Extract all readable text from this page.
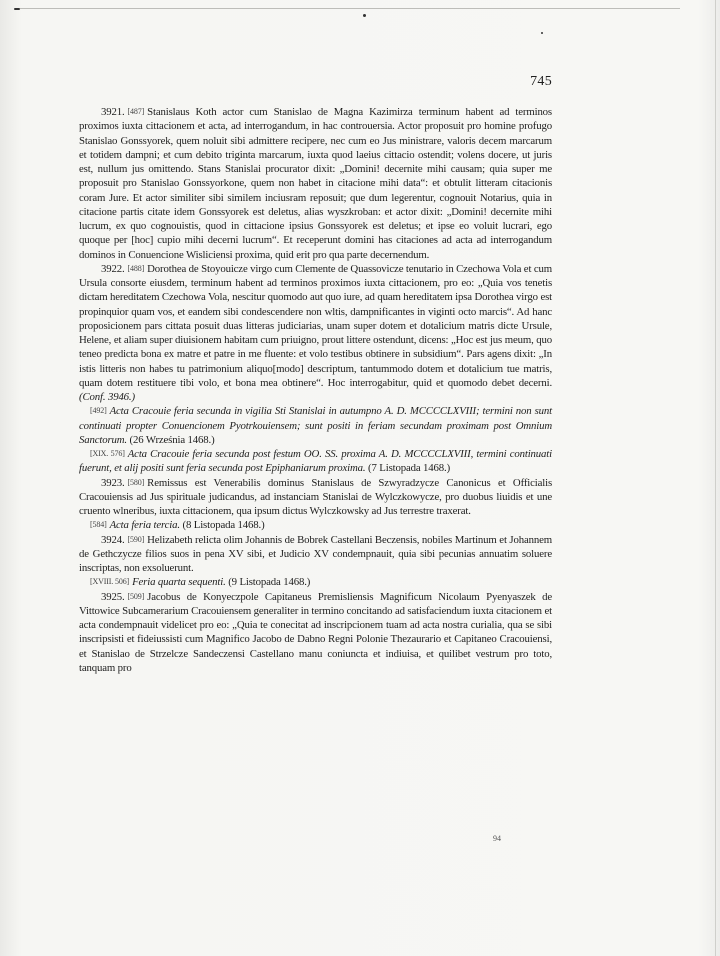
745

3921. [487] Stanislaus Koth actor cum Stanislao de Magna Kazimirza terminum habent ad terminos proximos iuxta cittacionem et acta, ad interrogandum, in hac controuersia. Actor proposuit pro homine profugo Stanislao Gonssyorek, quem noluit sibi admittere recipere, nec cum eo Jus ministrare, valoris decem marcarum et totidem dampni; et cum debito triginta marcarum, iuxta quod laeius cittacio ostendit; volens docere, ut juris est, nullum jus omittendo. Stans Stanislai procurator dixit: „Domini! decernite mihi causam; quia super me proposuit pro Stanislao Gonssyorkone, quem non habet in citacione mihi data“: et obtulit litteram citacionis coram Jure. Et actor similiter sibi similem inciusram reposuit; que dum legerentur, cognouit Notarius, quia in citacione partis citate idem Gonssyorek est deletus, alias wyszkroban: et actor dixit: „Domini! decernite mihi lucrum, ex quo cognouistis, quod in cittacione ipsius Gonssyorek est deletus; et ipse eo voluit lucrari, ego quoque per [hoc] cupio mihi decerni lucrum“. Et receperunt domini has citaciones ad acta ad interrogandum dominos in Conuencione Wisliciensi proxima, quid erit pro qua parte decernendum.

3922. [488] Dorothea de Stoyouicze virgo cum Clemente de Quassovicze tenutario in Czechowa Vola et cum Ursula consorte eiusdem, terminum habent ad terminos proximos iuxta cittacionem, pro eo: „Quia vos tenetis dictam hereditatem Czechowa Vola, nescitur quomodo aut quo iure, ad quam hereditatem ipsa Dorothea virgo est propinquior quam vos, et eandem sibi condescendere non wltis, dampnificantes in viginti octo marcis“. Ad hanc proposicionem pars cittata posuit duas litteras judiciarias, unam super dotem et dotalicium matris dicte Ursule, Helene, et aliam super diuisionem habitam cum priuigno, prout littere ostendunt, dicens: „Hoc est jus meum, quo teneo predicta bona ex matre et patre in me fluente: et volo testibus obtinere in subsidium“. Pars agens dixit: „In istis litteris non habes tu patrimonium aliquo[modo] descriptum, tantummodo dotem et dotalicium tue matris, quam dotem restituere tibi volo, et bona mea obtinere“. Hoc interrogabitur, quid et quomodo debet decerni. (Conf. 3946.)

[492] Acta Cracouie feria secunda in vigilia Sti Stanislai in autumpno A. D. MCCCCLXVIII; termini non sunt continuati propter Conuencionem Pyotrkouiensem; sunt positi in feriam secundam proximam post Omnium Sanctorum. (26 Września 1468.)

[XIX. 576] Acta Cracouie feria secunda post festum OO. SS. proxima A. D. MCCCCLXVIII, termini continuati fuerunt, et alij positi sunt feria secunda post Epiphaniarum proxima. (7 Listopada 1468.)

3923. [580] Remissus est Venerabilis dominus Stanislaus de Szwyradzycze Canonicus et Officialis Cracouiensis ad Jus spirituale judicandus, ad instanciam Stanislai de Wylczkowycze, pro duobus liuidis et une cruento wlneribus, iuxta cittacionem, qua ipsum dictus Wylczkowsky ad Jus terrestre traxerat.

[584] Acta feria tercia. (8 Listopada 1468.)

3924. [590] Helizabeth relicta olim Johannis de Bobrek Castellani Beczensis, nobiles Martinum et Johannem de Gethczycze filios suos in pena XV sibi, et Judicio XV condempnauit, quia sibi pecunias annuatim soluere inscriptas, non exsoluerunt.

[XVIII. 506] Feria quarta sequenti. (9 Listopada 1468.)

3925. [509] Jacobus de Konyeczpole Capitaneus Premisliensis Magnificum Nicolaum Pyenyaszek de Vittowice Subcamerarium Cracouiensem generaliter in termino concitando ad satisfaciendum iuxta citacionem et acta condempnauit videlicet pro eo: „Quia te conecitat ad inscripcionem tuam ad acta nostra curialia, qua se sibi inscripsisti et fideiussisti cum Magnifico Jacobo de Dabno Regni Polonie Thezaurario et Capitaneo Cracouiensi, et Stanislao de Strzelcze Sandeczensi Castellano manu coniuncta et indiuisa, et quilibet vestrum pro toto, tanquam pro

94
